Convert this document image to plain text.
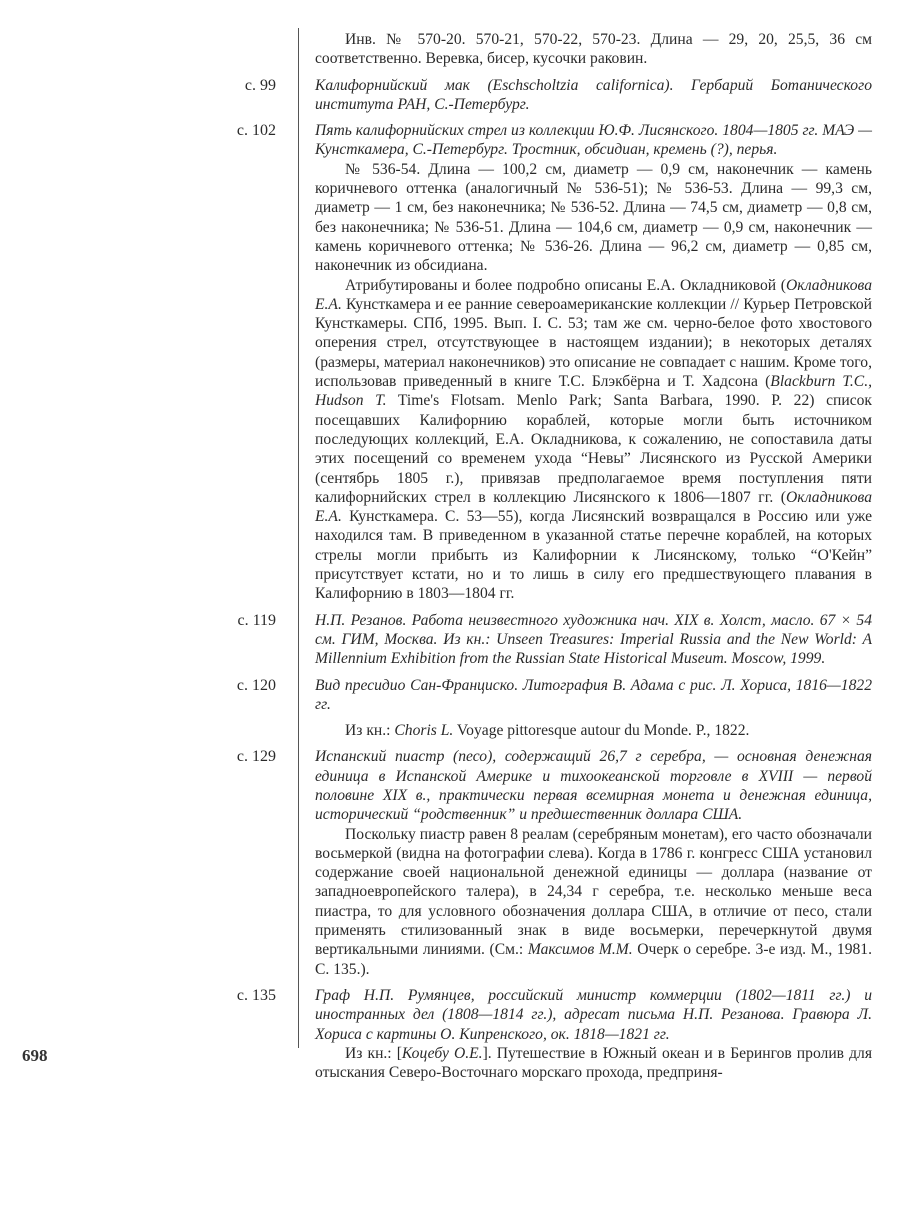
Инв. № 570-20. 570-21, 570-22, 570-23. Длина — 29, 20, 25,5, 36 см соответственно. Веревка, бисер, кусочки раковин.

с. 99	Калифорнийский мак (Eschscholtzia californica). Гербарий Ботанического института РАН, С.-Петербург.

с. 102	Пять калифорнийских стрел из коллекции Ю.Ф. Лисянского. 1804—1805 гг. МАЭ — Кунсткамера, С.-Петербург. Тростник, обсидиан, кремень (?), перья.

№ 536-54. Длина — 100,2 см, диаметр — 0,9 см, наконечник — камень коричневого оттенка (аналогичный № 536-51); № 536-53. Длина — 99,3 см, диаметр — 1 см, без наконечника; № 536-52. Длина — 74,5 см, диаметр — 0,8 см, без наконечника; № 536-51. Длина — 104,6 см, диаметр — 0,9 см, наконечник — камень коричневого оттенка; № 536-26. Длина — 96,2 см, диаметр — 0,85 см, наконечник из обсидиана.

Атрибутированы и более подробно описаны Е.А. Окладниковой (Окладникова Е.А. Кунсткамера и ее ранние североамериканские коллекции // Курьер Петровской Кунсткамеры. СПб, 1995. Вып. I. С. 53; там же см. черно-белое фото хвостового оперения стрел, отсутствующее в настоящем издании); в некоторых деталях (размеры, материал наконечников) это описание не совпадает с нашим. Кроме того, использовав приведенный в книге Т.С. Блэкбёрна и Т. Хадсона (Blackburn T.C., Hudson T. Time's Flotsam. Menlo Park; Santa Barbara, 1990. P. 22) список посещавших Калифорнию кораблей, которые могли быть источником последующих коллекций, Е.А. Окладникова, к сожалению, не сопоставила даты этих посещений со временем ухода “Невы” Лисянского из Русской Америки (сентябрь 1805 г.), привязав предполагаемое время поступления пяти калифорнийских стрел в коллекцию Лисянского к 1806—1807 гг. (Окладникова Е.А. Кунсткамера. С. 53—55), когда Лисянский возвращался в Россию или уже находился там. В приведенном в указанной статье перечне кораблей, на которых стрелы могли прибыть из Калифорнии к Лисянскому, только “О'Кейн” присутствует кстати, но и то лишь в силу его предшествующего плавания в Калифорнию в 1803—1804 гг.

с. 119	Н.П. Резанов. Работа неизвестного художника нач. XIX в. Холст, масло. 67 × 54 см. ГИМ, Москва. Из кн.: Unseen Treasures: Imperial Russia and the New World: A Millennium Exhibition from the Russian State Historical Museum. Moscow, 1999.

с. 120	Вид пресидио Сан-Франциско. Литография В. Адама с рис. Л. Хориса, 1816—1822 гг.

Из кн.: Choris L. Voyage pittoresque autour du Monde. P., 1822.

с. 129	Испанский пиастр (песо), содержащий 26,7 г серебра, — основная денежная единица в Испанской Америке и тихоокеанской торговле в XVIII — первой половине XIX в., практически первая всемирная монета и денежная единица, исторический “родственник” и предшественник доллара США.

Поскольку пиастр равен 8 реалам (серебряным монетам), его часто обозначали восьмеркой (видна на фотографии слева). Когда в 1786 г. конгресс США установил содержание своей национальной денежной единицы — доллара (название от западноевропейского талера), в 24,34 г серебра, т.е. несколько меньше веса пиастра, то для условного обозначения доллара США, в отличие от песо, стали применять стилизованный знак в виде восьмерки, перечеркнутой двумя вертикальными линиями. (См.: Максимов М.М. Очерк о серебре. 3-е изд. М., 1981. С. 135.).

с. 135	Граф Н.П. Румянцев, российский министр коммерции (1802—1811 гг.) и иностранных дел (1808—1814 гг.), адресат письма Н.П. Резанова. Гравюра Л. Хориса с картины О. Кипренского, ок. 1818—1821 гг.

Из кн.: [Коцебу О.Е.]. Путешествие в Южный океан и в Берингов пролив для отыскания Северо-Восточнаго морскаго прохода, предприня-

698
